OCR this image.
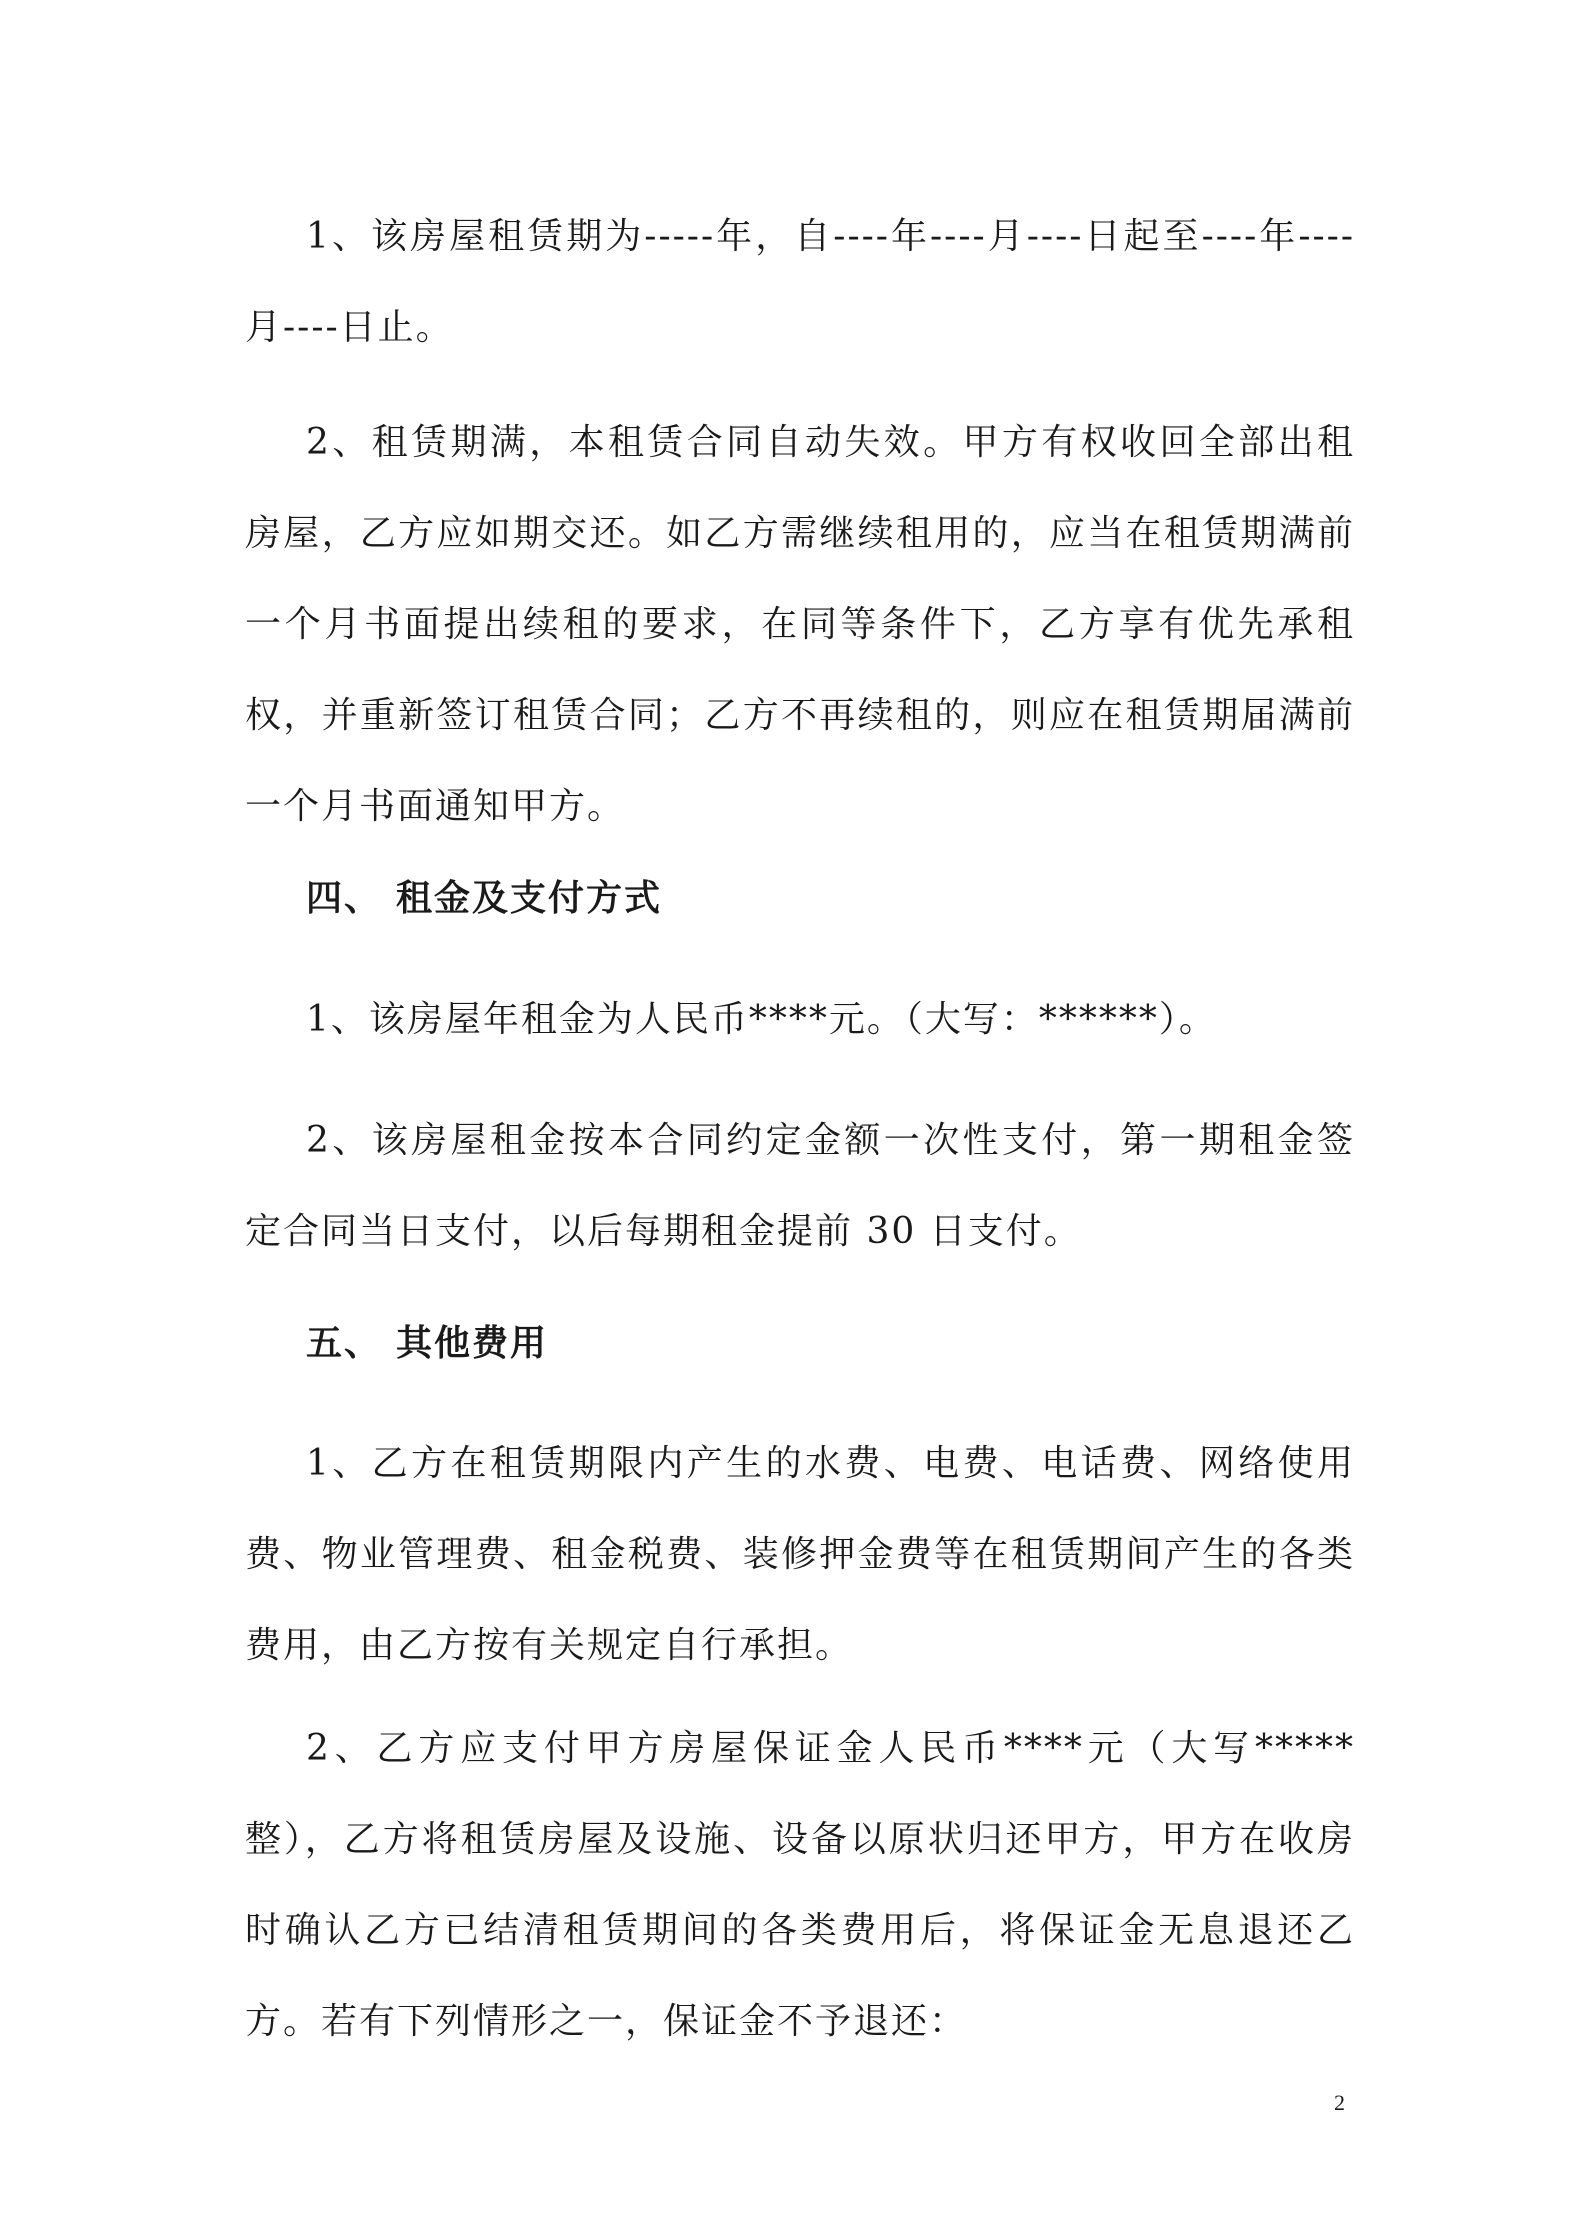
1、该房屋租赁期为-----年，自----年----月----日起至----年----月----日止。

2、租赁期满，本租赁合同自动失效。甲方有权收回全部出租房屋，乙方应如期交还。如乙方需继续租用的，应当在租赁期满前一个月书面提出续租的要求，在同等条件下，乙方享有优先承租权，并重新签订租赁合同；乙方不再续租的，则应在租赁期届满前一个月书面通知甲方。

四、 租金及支付方式

1、该房屋年租金为人民币****元。（大写：******）。

2、该房屋租金按本合同约定金额一次性支付，第一期租金签定合同当日支付，以后每期租金提前 30 日支付。

五、 其他费用

1、乙方在租赁期限内产生的水费、电费、电话费、网络使用费、物业管理费、租金税费、装修押金费等在租赁期间产生的各类费用，由乙方按有关规定自行承担。

2、乙方应支付甲方房屋保证金人民币****元（大写*****整），乙方将租赁房屋及设施、设备以原状归还甲方，甲方在收房时确认乙方已结清租赁期间的各类费用后，将保证金无息退还乙方。若有下列情形之一，保证金不予退还：

2
